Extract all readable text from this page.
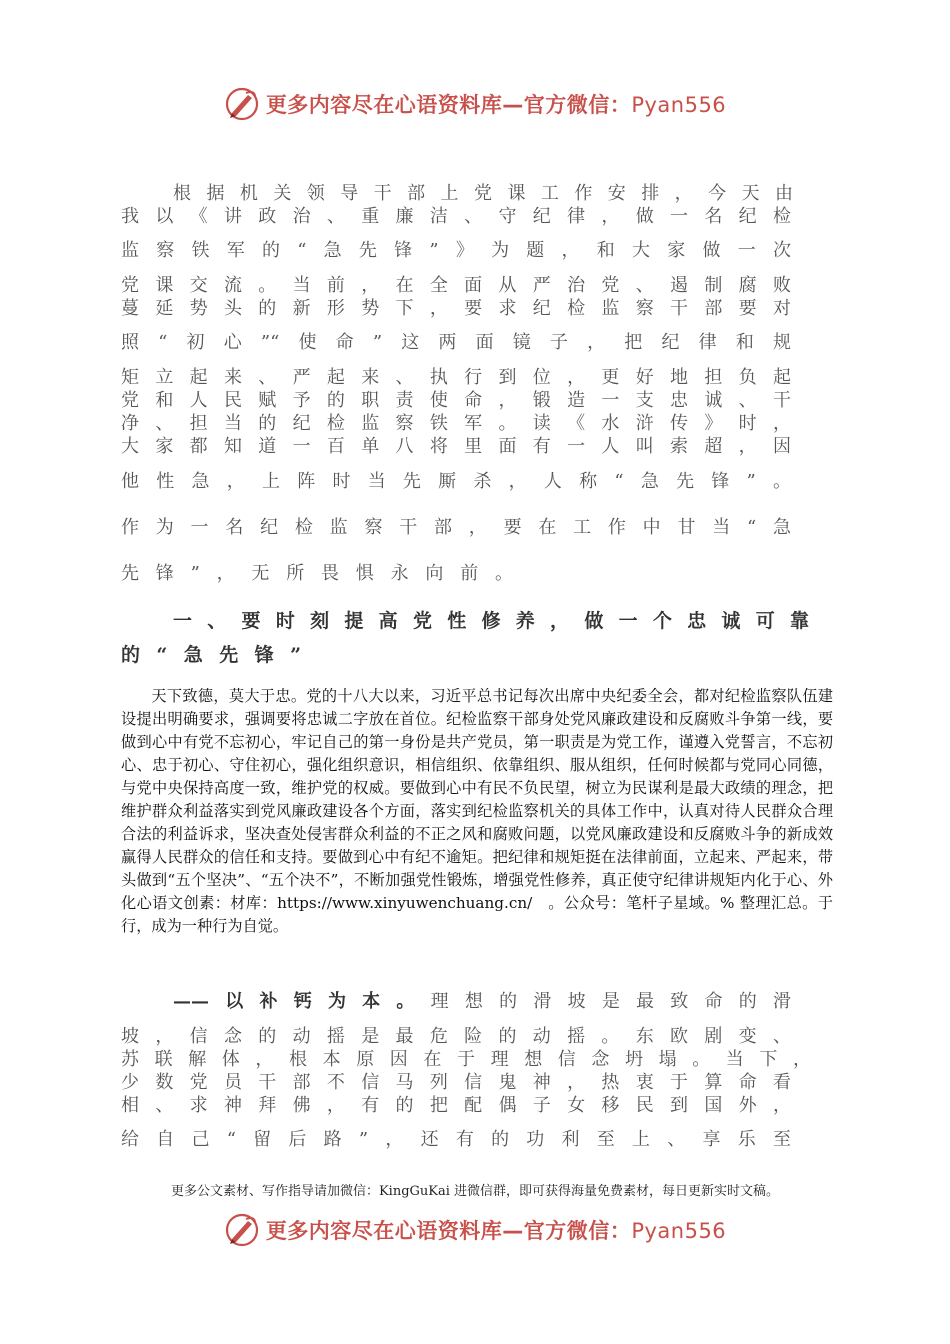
更多内容尽在心语资料库—官方微信：Pyan556
根据机关领导干部上党课工作安排，今天由
我以《讲政治、重廉洁、守纪律，做一名纪检
监察铁军的“急先锋”》为题，和大家做一次
党课交流。当前，在全面从严治党、遏制腐败
蔓延势头的新形势下，要求纪检监察干部要对
照“初心”“使命”这两面镜子，把纪律和规
矩立起来、严起来、执行到位，更好地担负起
党和人民赋予的职责使命，锻造一支忠诚、干
净、担当的纪检监察铁军。读《水浒传》时，
大家都知道一百单八将里面有一人叫索超，因
他性急，上阵时当先厮杀，人称“急先锋”。
作为一名纪检监察干部，要在工作中甘当“急
先锋”，无所畏惧永向前。
一、要时刻提高党性修养，做一个忠诚可靠
的“急先锋”

天下致德，莫大于忠。党的十八大以来，习近平总书记每次出席中央纪委全会，都对纪检监察队伍建设提出明确要求，强调要将忠诚二字放在首位。纪检监察干部身处党风廉政建设和反腐败斗争第一线，要做到心中有党不忘初心，牢记自己的第一身份是共产党员，第一职责是为党工作，谨遵入党誓言，不忘初心、忠于初心、守住初心，强化组织意识，相信组织、依靠组织、服从组织，任何时候都与党同心同德，与党中央保持高度一致，维护党的权威。要做到心中有民不负民望，树立为民谋利是最大政绩的理念，把维护群众利益落实到党风廉政建设各个方面，落实到纪检监察机关的具体工作中，认真对待人民群众合理合法的利益诉求，坚决查处侵害群众利益的不正之风和腐败问题，以党风廉政建设和反腐败斗争的新成效赢得人民群众的信任和支持。要做到心中有纪不逾矩。把纪律和规矩挺在法律前面，立起来、严起来，带头做到“五个坚决”、“五个决不”，不断加强党性锻炼，增强党性修养，真正使守纪律讲规矩内化于心、外化心语文创素：材库：https://www.xinyuwenchuang.cn/　。公众号：笔杆子星域。% 整理汇总。于行，成为一种行为自觉。

——以补钙为本。理想的滑坡是最致命的滑
坡，信念的动摇是最危险的动摇。东欧剧变、
苏联解体，根本原因在于理想信念坍塌。当下，
少数党员干部不信马列信鬼神，热衷于算命看
相、求神拜佛，有的把配偶子女移民到国外，
给自己“留后路”，还有的功利至上、享乐至
更多公文素材、写作指导请加微信：KingGuKai 进微信群，即可获得海量免费素材，每日更新实时文稿。
更多内容尽在心语资料库—官方微信：Pyan556
